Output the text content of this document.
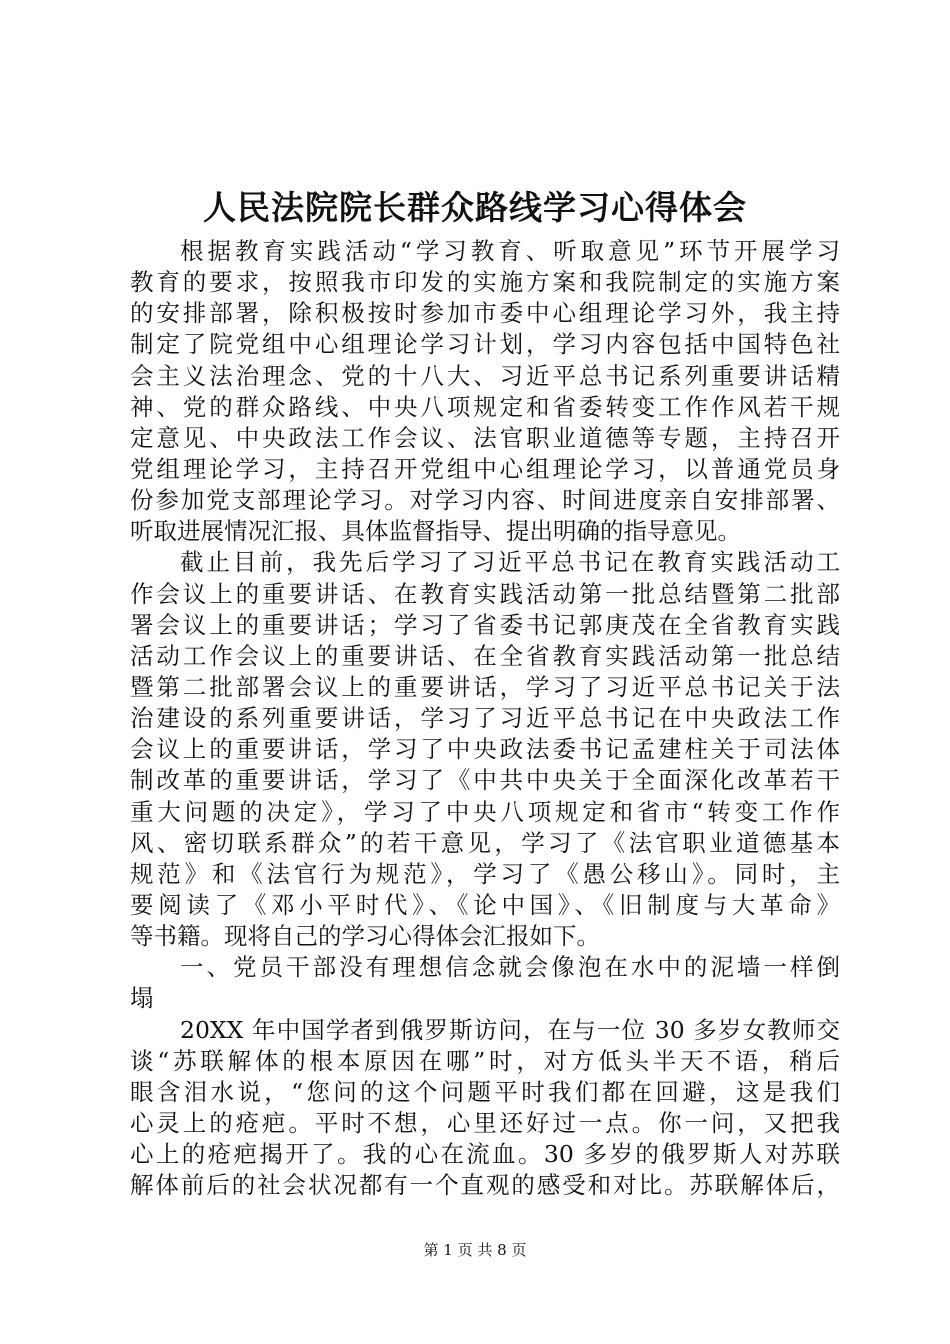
人民法院院长群众路线学习心得体会
根据教育实践活动“学习教育、听取意见”环节开展学习
教育的要求，按照我市印发的实施方案和我院制定的实施方案
的安排部署，除积极按时参加市委中心组理论学习外，我主持
制定了院党组中心组理论学习计划，学习内容包括中国特色社
会主义法治理念、党的十八大、习近平总书记系列重要讲话精
神、党的群众路线、中央八项规定和省委转变工作作风若干规
定意见、中央政法工作会议、法官职业道德等专题，主持召开
党组理论学习，主持召开党组中心组理论学习，以普通党员身
份参加党支部理论学习。对学习内容、时间进度亲自安排部署、
听取进展情况汇报、具体监督指导、提出明确的指导意见。
截止目前，我先后学习了习近平总书记在教育实践活动工
作会议上的重要讲话、在教育实践活动第一批总结暨第二批部
署会议上的重要讲话；学习了省委书记郭庚茂在全省教育实践
活动工作会议上的重要讲话、在全省教育实践活动第一批总结
暨第二批部署会议上的重要讲话，学习了习近平总书记关于法
治建设的系列重要讲话，学习了习近平总书记在中央政法工作
会议上的重要讲话，学习了中央政法委书记孟建柱关于司法体
制改革的重要讲话，学习了《中共中央关于全面深化改革若干
重大问题的决定》，学习了中央八项规定和省市“转变工作作
风、密切联系群众”的若干意见，学习了《法官职业道德基本
规范》和《法官行为规范》，学习了《愚公移山》。同时，主
要阅读了《邓小平时代》、《论中国》、《旧制度与大革命》
等书籍。现将自己的学习心得体会汇报如下。
一、党员干部没有理想信念就会像泡在水中的泥墙一样倒
塌
20XX 年中国学者到俄罗斯访问，在与一位 30 多岁女教师交
谈“苏联解体的根本原因在哪”时，对方低头半天不语，稍后
眼含泪水说，“您问的这个问题平时我们都在回避，这是我们
心灵上的疮疤。平时不想，心里还好过一点。你一问，又把我
心上的疮疤揭开了。我的心在流血。30 多岁的俄罗斯人对苏联
解体前后的社会状况都有一个直观的感受和对比。苏联解体后，
第 1 页 共 8 页
